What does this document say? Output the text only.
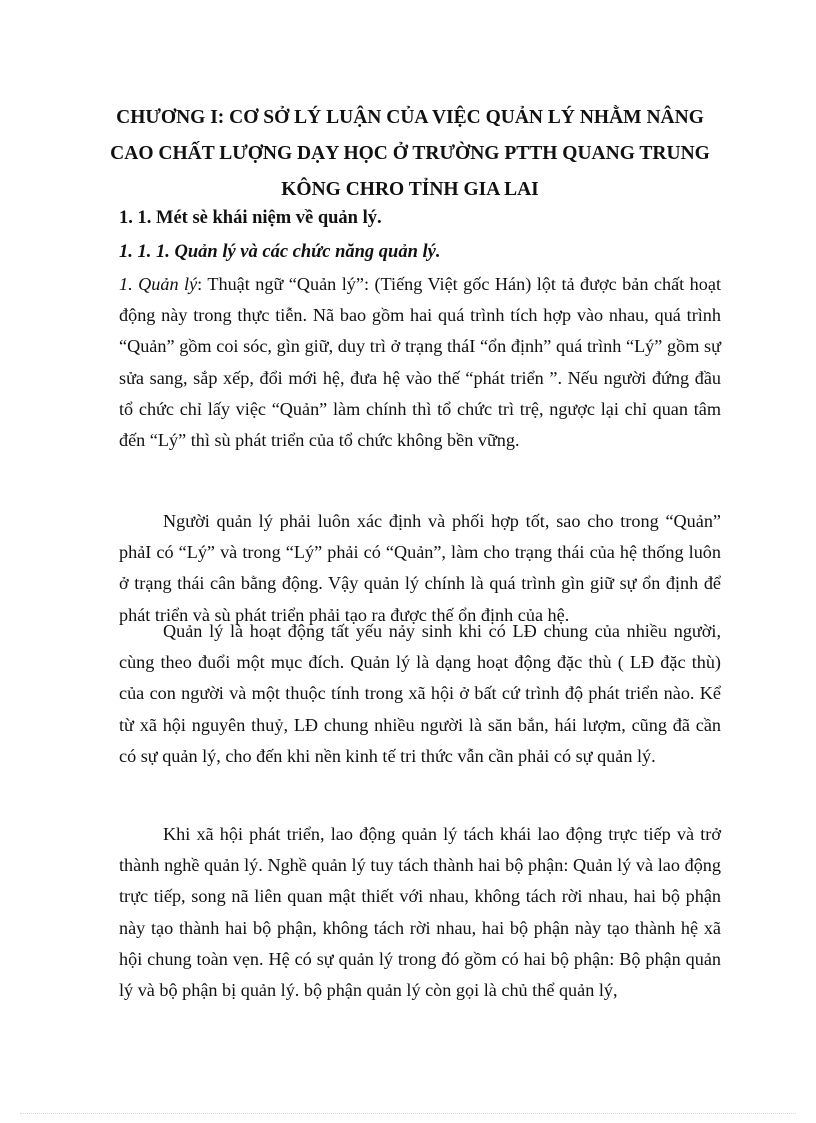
CHƯƠNG I: CƠ SỞ LÝ LUẬN CỦA VIỆC QUẢN LÝ NHẰM NÂNG
CAO CHẤT LƯỢNG DẠY HỌC Ở TRƯỜNG PTTH QUANG TRUNG
KÔNG CHRO TỈNH GIA LAI
1. 1. Mét sè khái niệm về quản lý.
1. 1. 1. Quản lý và các chức năng quản lý.

1. Quản lý: Thuật ngữ “Quản lý”: (Tiếng Việt gốc Hán) lột tả được bản chất hoạt động này trong thực tiễn. Nã bao gồm hai quá trình tích hợp vào nhau, quá trình “Quản” gồm coi sóc, gìn giữ, duy trì ở trạng tháI “ổn định” quá trình “Lý” gồm sự sửa sang, sắp xếp, đổi mới hệ, đưa hệ vào thế “phát triển ”. Nếu người đứng đầu tổ chức chỉ lấy việc “Quản” làm chính thì tổ chức trì trệ, ngược lại chỉ quan tâm đến “Lý” thì sù phát triển của tổ chức không bền vững.

Người quản lý phải luôn xác định và phối hợp tốt, sao cho trong “Quản” phảI có “Lý” và trong “Lý” phải có “Quản”, làm cho trạng thái của hệ thống luôn ở trạng thái cân bằng động. Vậy quản lý chính là quá trình gìn giữ sự ổn định để phát triển và sù phát triển phải tạo ra được thế ổn định của hệ.

Quản lý là hoạt động tất yếu nảy sinh khi có LĐ chung của nhiều người, cùng theo đuổi một mục đích. Quản lý là dạng hoạt động đặc thù ( LĐ đặc thù) của con người và một thuộc tính trong xã hội ở bất cứ trình độ phát triển nào. Kể từ xã hội nguyên thuỷ, LĐ chung nhiều người là săn bắn, hái lượm, cũng đã cần có sự quản lý, cho đến khi nền kinh tế tri thức vẫn cần phải có sự quản lý.

Khi xã hội phát triển, lao động quản lý tách khái lao động trực tiếp và trở thành nghề quản lý. Nghề quản lý tuy tách thành hai bộ phận: Quản lý và lao động trực tiếp, song nã liên quan mật thiết với nhau, không tách rời nhau, hai bộ phận này tạo thành hai bộ phận, không tách rời nhau, hai bộ phận này tạo thành hệ xã hội chung toàn vẹn. Hệ có sự quản lý trong đó gồm có hai bộ phận: Bộ phận quản lý và bộ phận bị quản lý. bộ phận quản lý còn gọi là chủ thể quản lý,
